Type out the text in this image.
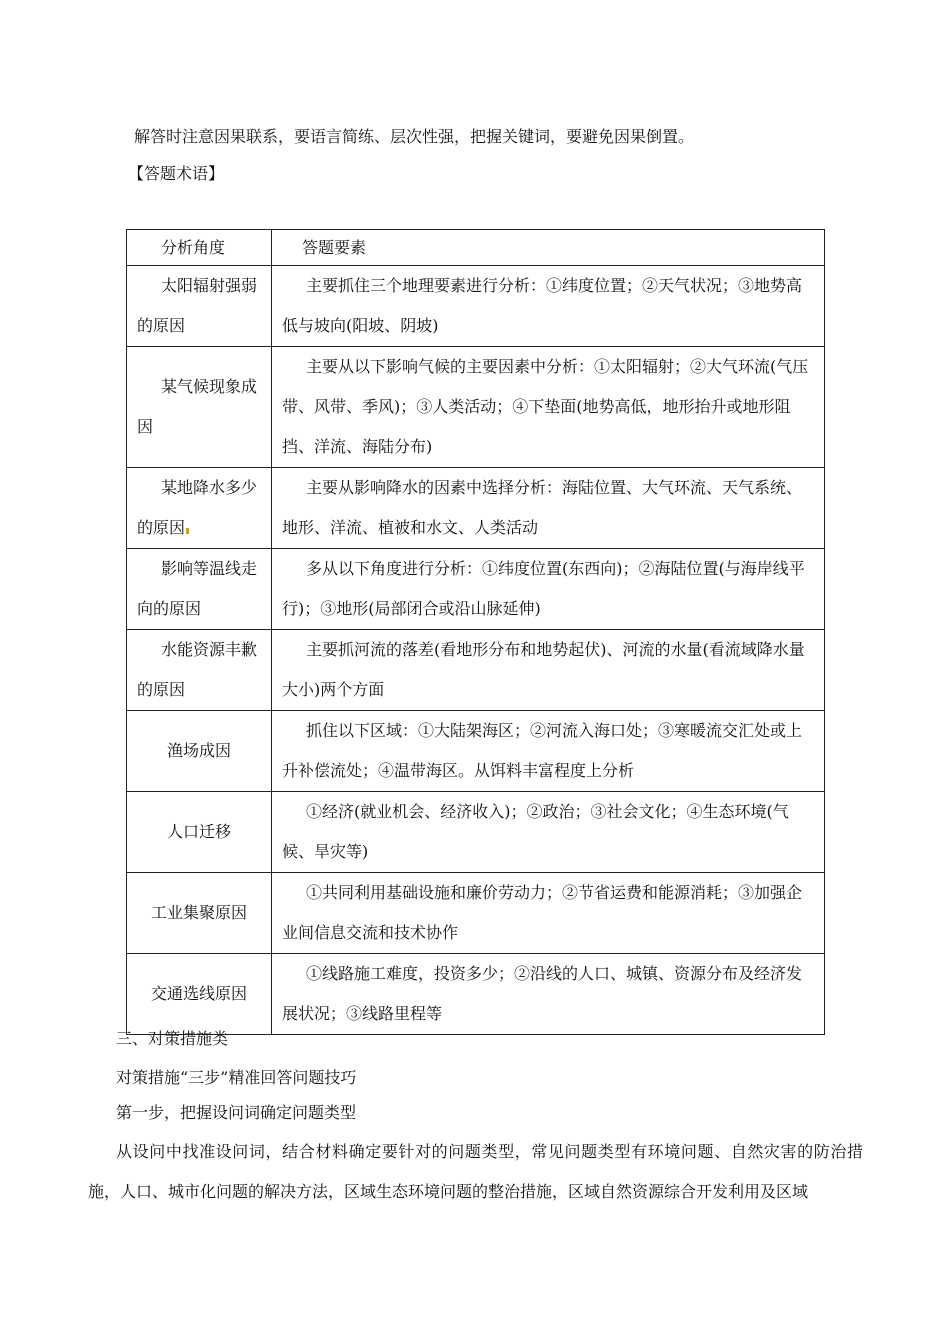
解答时注意因果联系，要语言简练、层次性强，把握关键词，要避免因果倒置。
【答题术语】
分析角度	答题要素
太阳辐射强弱的原因	主要抓住三个地理要素进行分析：①纬度位置；②天气状况；③地势高低与坡向(阳坡、阴坡)
某气候现象成因	主要从以下影响气候的主要因素中分析：①太阳辐射；②大气环流(气压带、风带、季风)；③人类活动；④下垫面(地势高低，地形抬升或地形阻挡、洋流、海陆分布)
某地降水多少的原因	主要从影响降水的因素中选择分析：海陆位置、大气环流、天气系统、地形、洋流、植被和水文、人类活动
影响等温线走向的原因	多从以下角度进行分析：①纬度位置(东西向)；②海陆位置(与海岸线平行)；③地形(局部闭合或沿山脉延伸)
水能资源丰歉的原因	主要抓河流的落差(看地形分布和地势起伏)、河流的水量(看流域降水量大小)两个方面
渔场成因	抓住以下区域：①大陆架海区；②河流入海口处；③寒暖流交汇处或上升补偿流处；④温带海区。从饵料丰富程度上分析
人口迁移	①经济(就业机会、经济收入)；②政治；③社会文化；④生态环境(气候、旱灾等)
工业集聚原因	①共同利用基础设施和廉价劳动力；②节省运费和能源消耗；③加强企业间信息交流和技术协作
交通选线原因	①线路施工难度，投资多少；②沿线的人口、城镇、资源分布及经济发展状况；③线路里程等
三、对策措施类
对策措施“三步”精准回答问题技巧
第一步，把握设问词确定问题类型

从设问中找准设问词，结合材料确定要针对的问题类型，常见问题类型有环境问题、自然灾害的防治措施，人口、城市化问题的解决方法，区域生态环境问题的整治措施，区域自然资源综合开发利用及区域
